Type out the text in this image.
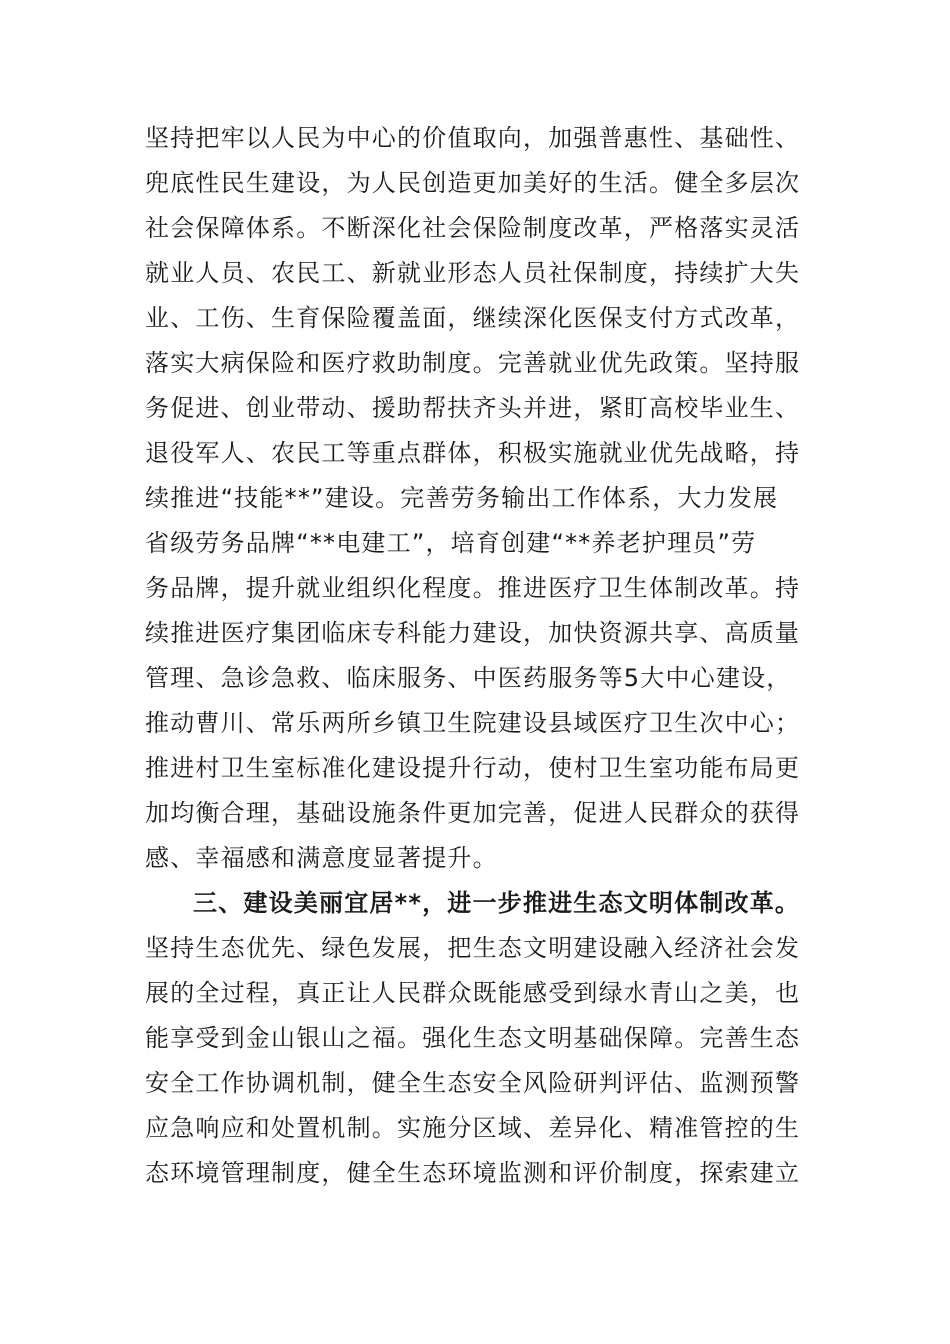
坚持把牢以人民为中心的价值取向，加强普惠性、基础性、
兜底性民生建设，为人民创造更加美好的生活。健全多层次
社会保障体系。不断深化社会保险制度改革，严格落实灵活
就业人员、农民工、新就业形态人员社保制度，持续扩大失
业、工伤、生育保险覆盖面，继续深化医保支付方式改革，
落实大病保险和医疗救助制度。完善就业优先政策。坚持服
务促进、创业带动、援助帮扶齐头并进，紧盯高校毕业生、
退役军人、农民工等重点群体，积极实施就业优先战略，持
续推进“技能**”建设。完善劳务输出工作体系，大力发展
省级劳务品牌“**电建工”，培育创建“**养老护理员”劳
务品牌，提升就业组织化程度。推进医疗卫生体制改革。持
续推进医疗集团临床专科能力建设，加快资源共享、高质量
管理、急诊急救、临床服务、中医药服务等5大中心建设，
推动曹川、常乐两所乡镇卫生院建设县域医疗卫生次中心；
推进村卫生室标准化建设提升行动，使村卫生室功能布局更
加均衡合理，基础设施条件更加完善，促进人民群众的获得
感、幸福感和满意度显著提升。
三、建设美丽宜居**，进一步推进生态文明体制改革。
坚持生态优先、绿色发展，把生态文明建设融入经济社会发
展的全过程，真正让人民群众既能感受到绿水青山之美，也
能享受到金山银山之福。强化生态文明基础保障。完善生态
安全工作协调机制，健全生态安全风险研判评估、监测预警
应急响应和处置机制。实施分区域、差异化、精准管控的生
态环境管理制度，健全生态环境监测和评价制度，探索建立
